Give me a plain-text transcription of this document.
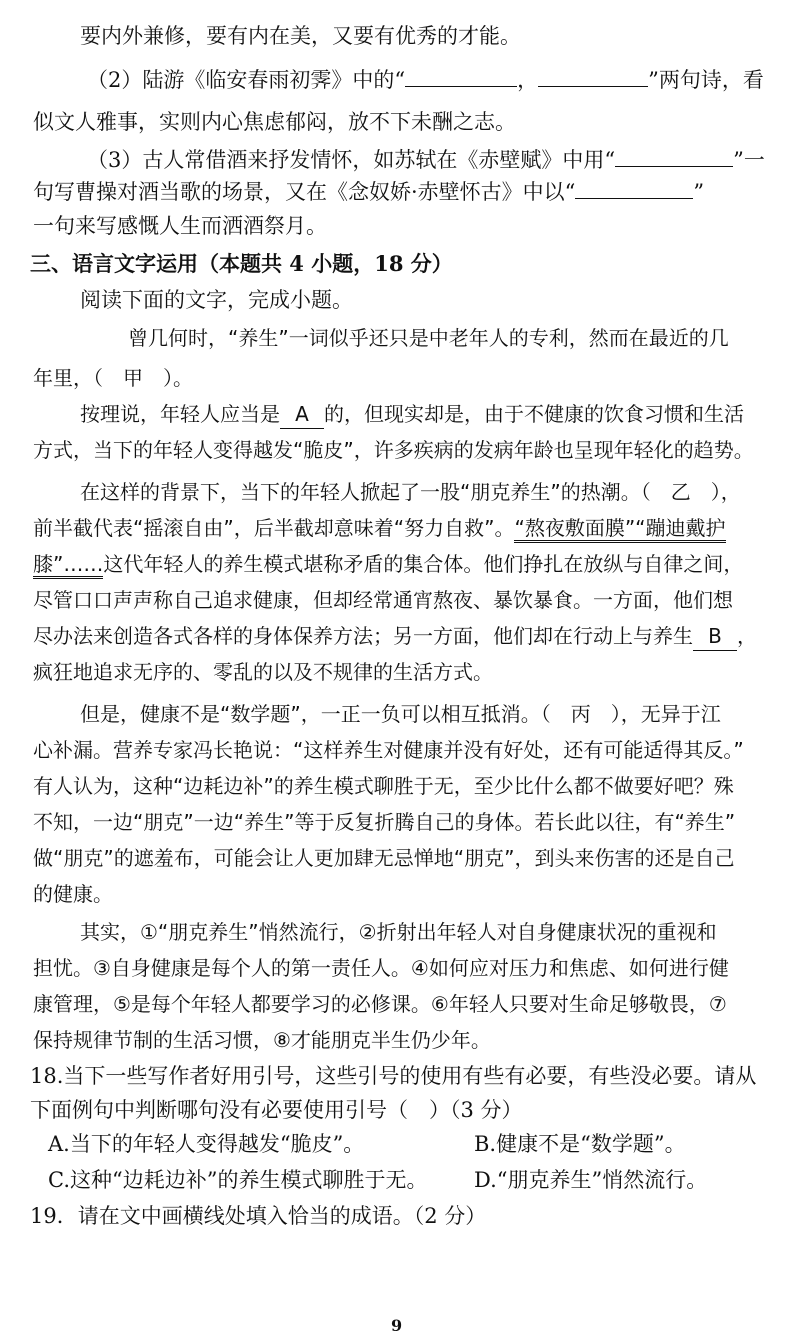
要内外兼修，要有内在美，又要有优秀的才能。
（2）陆游《临安春雨初霁》中的“	，	”两句诗，看
似文人雅事，实则内心焦虑郁闷，放不下未酬之志。
（3）古人常借酒来抒发情怀，如苏轼在《赤壁赋》中用“	”一
句写曹操对酒当歌的场景，又在《念奴娇·赤壁怀古》中以“	”
一句来写感慨人生而洒酒祭月。
三、语言文字运用（本题共 4 小题，18 分）
阅读下面的文字，完成小题。
曾几何时，“养生”一词似乎还只是中老年人的专利，然而在最近的几
年里，（　甲　）。
按理说，年轻人应当是 A 的，但现实却是，由于不健康的饮食习惯和生活
方式，当下的年轻人变得越发“脆皮”，许多疾病的发病年龄也呈现年轻化的趋势。
在这样的背景下，当下的年轻人掀起了一股“朋克养生”的热潮。（　乙　），
前半截代表“摇滚自由”，后半截却意味着“努力自救”。“熬夜敷面膜”“蹦迪戴护
膝”……这代年轻人的养生模式堪称矛盾的集合体。他们挣扎在放纵与自律之间，
尽管口口声声称自己追求健康，但却经常通宵熬夜、暴饮暴食。一方面，他们想
尽办法来创造各式各样的身体保养方法；另一方面，他们却在行动上与养生 B ，
疯狂地追求无序的、零乱的以及不规律的生活方式。
但是，健康不是“数学题”，一正一负可以相互抵消。（　丙　），无异于江
心补漏。营养专家冯长艳说：“这样养生对健康并没有好处，还有可能适得其反。”
有人认为，这种“边耗边补”的养生模式聊胜于无，至少比什么都不做要好吧？殊
不知，一边“朋克”一边“养生”等于反复折腾自己的身体。若长此以往，有“养生”
做“朋克”的遮羞布，可能会让人更加肆无忌惮地“朋克”，到头来伤害的还是自己
的健康。
其实，①“朋克养生”悄然流行，②折射出年轻人对自身健康状况的重视和
担忧。③自身健康是每个人的第一责任人。④如何应对压力和焦虑、如何进行健
康管理，⑤是每个年轻人都要学习的必修课。⑥年轻人只要对生命足够敬畏，⑦
保持规律节制的生活习惯，⑧才能朋克半生仍少年。
18.当下一些写作者好用引号，这些引号的使用有些有必要，有些没必要。请从
下面例句中判断哪句没有必要使用引号（　）（3 分）
A.当下的年轻人变得越发“脆皮”。	B.健康不是“数学题”。
C.这种“边耗边补”的养生模式聊胜于无。 D.“朋克养生”悄然流行。
19．请在文中画横线处填入恰当的成语。（2 分）
9
